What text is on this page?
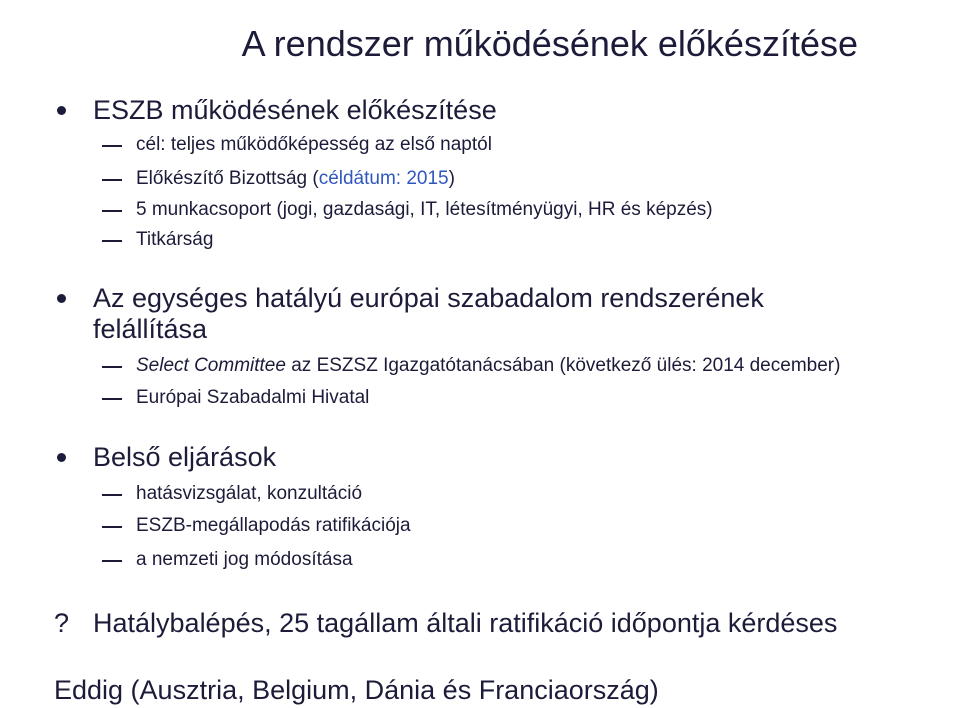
A rendszer működésének előkészítése
ESZB működésének előkészítése
cél: teljes működőképesség az első naptól
Előkészítő Bizottság (céldátum: 2015)
5 munkacsoport (jogi, gazdasági, IT, létesítményügyi, HR és képzés)
Titkárság
Az egységes hatályú európai szabadalom rendszerének
felállítása
Select Committee az ESZSZ Igazgatótanácsában (következő ülés: 2014 december)
Európai Szabadalmi Hivatal
Belső eljárások
hatásvizsgálat, konzultáció
ESZB-megállapodás ratifikációja
a nemzeti jog módosítása
? Hatálybalépés, 25 tagállam általi ratifikáció időpontja kérdéses
Eddig (Ausztria, Belgium, Dánia és Franciaország)
